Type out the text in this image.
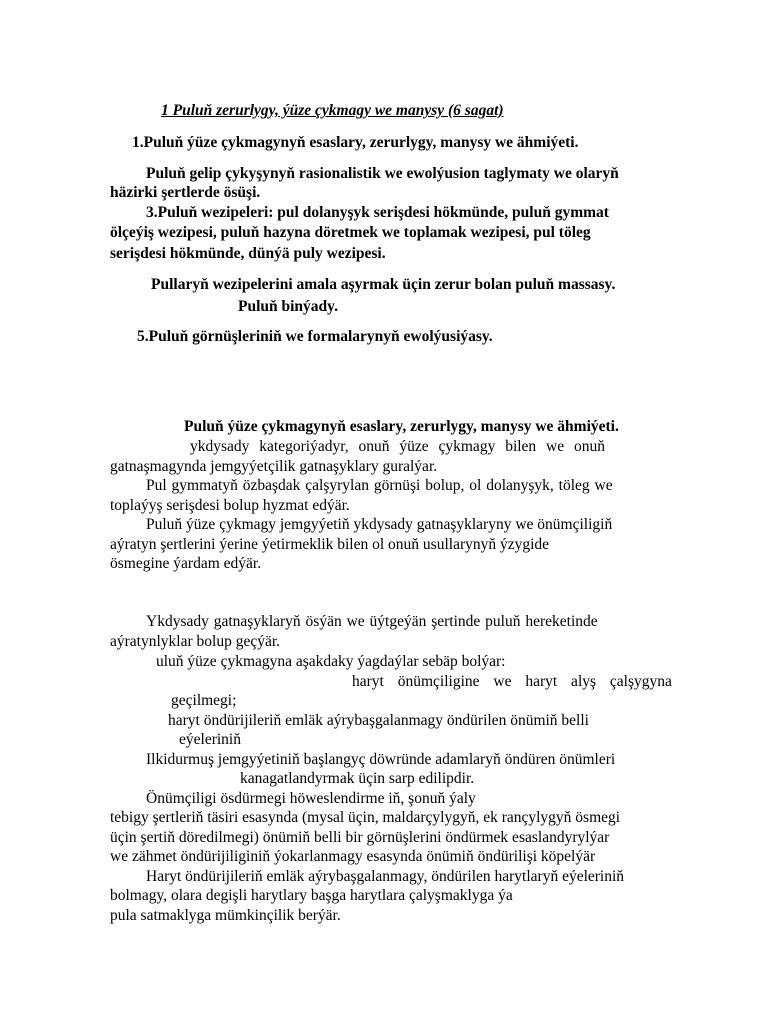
1 Puluň zerurlygy, ýüze çykmagy we manysy (6 sagat)
1.Puluň ýüze çykmagynyň esaslary, zerurlygy, manysy we ähmiýeti.
Puluň gelip çykyşynyň rasionalistik we ewolýusion taglymaty we olaryň
häzirki şertlerde ösüşi.
3.Puluň wezipeleri: pul dolanyşyk serişdesi hökmünde, puluň gymmat
ölçeýiş wezipesi, puluň hazyna döretmek we toplamak wezipesi, pul töleg
serişdesi hökmünde, dünýä puly wezipesi.
Pullaryň wezipelerini amala aşyrmak üçin zerur bolan puluň massasy.
Puluň binýady.
5.Puluň görnüşleriniň we formalarynyň ewolýusiýasy.
Puluň ýüze çykmagynyň esaslary, zerurlygy, manysy we ähmiýeti.
ykdysady kategoriýadyr, onuň ýüze çykmagy bilen we onuň
gatnaşmagynda jemgyýetçilik gatnaşyklary guralýar.
Pul gymmatyň özbaşdak çalşyrylan görnüşi bolup, ol dolanyşyk, töleg we
toplaýyş serişdesi bolup hyzmat edýär.
Puluň ýüze çykmagy jemgyýetiň ykdysady gatnaşyklaryny we önümçiligiň
aýratyn şertlerini ýerine ýetirmeklik bilen ol onuň usullarynyň ýzygide
ösmegine ýardam edýär.
Ykdysady gatnaşyklaryň ösýän we üýtgeýän şertinde puluň hereketinde
aýratynlyklar bolup geçýär.
uluň ýüze çykmagyna aşakdaky ýagdaýlar sebäp bolýar:
haryt önümçiligine we haryt alyş çalşygyna
geçilmegi;
haryt öndürijileriň emläk aýrybaşgalanmagy öndürilen önümiň belli
eýeleriniň
Ilkidurmuş jemgyýetiniň başlangyç döwründe adamlaryň öndüren önümleri
kanagatlandyrmak üçin sarp edilipdir.
Önümçiligi ösdürmegi höweslendirme iň, şonuň ýaly
tebigy şertleriň täsiri esasynda (mysal üçin, maldarçylygyň, ek rançylygyň ösmegi
üçin şertiň döredilmegi) önümiň belli bir görnüşlerini öndürmek esaslandyrylýar
we zähmet öndürijiliginiň ýokarlanmagy esasynda önümiň öndürilişi köpelýär
Haryt öndürijileriň emläk aýrybaşgalanmagy, öndürilen harytlaryň eýeleriniň
bolmagy, olara degişli harytlary başga harytlara çalyşmaklyga ýa
pula satmaklyga mümkinçilik berýär.
